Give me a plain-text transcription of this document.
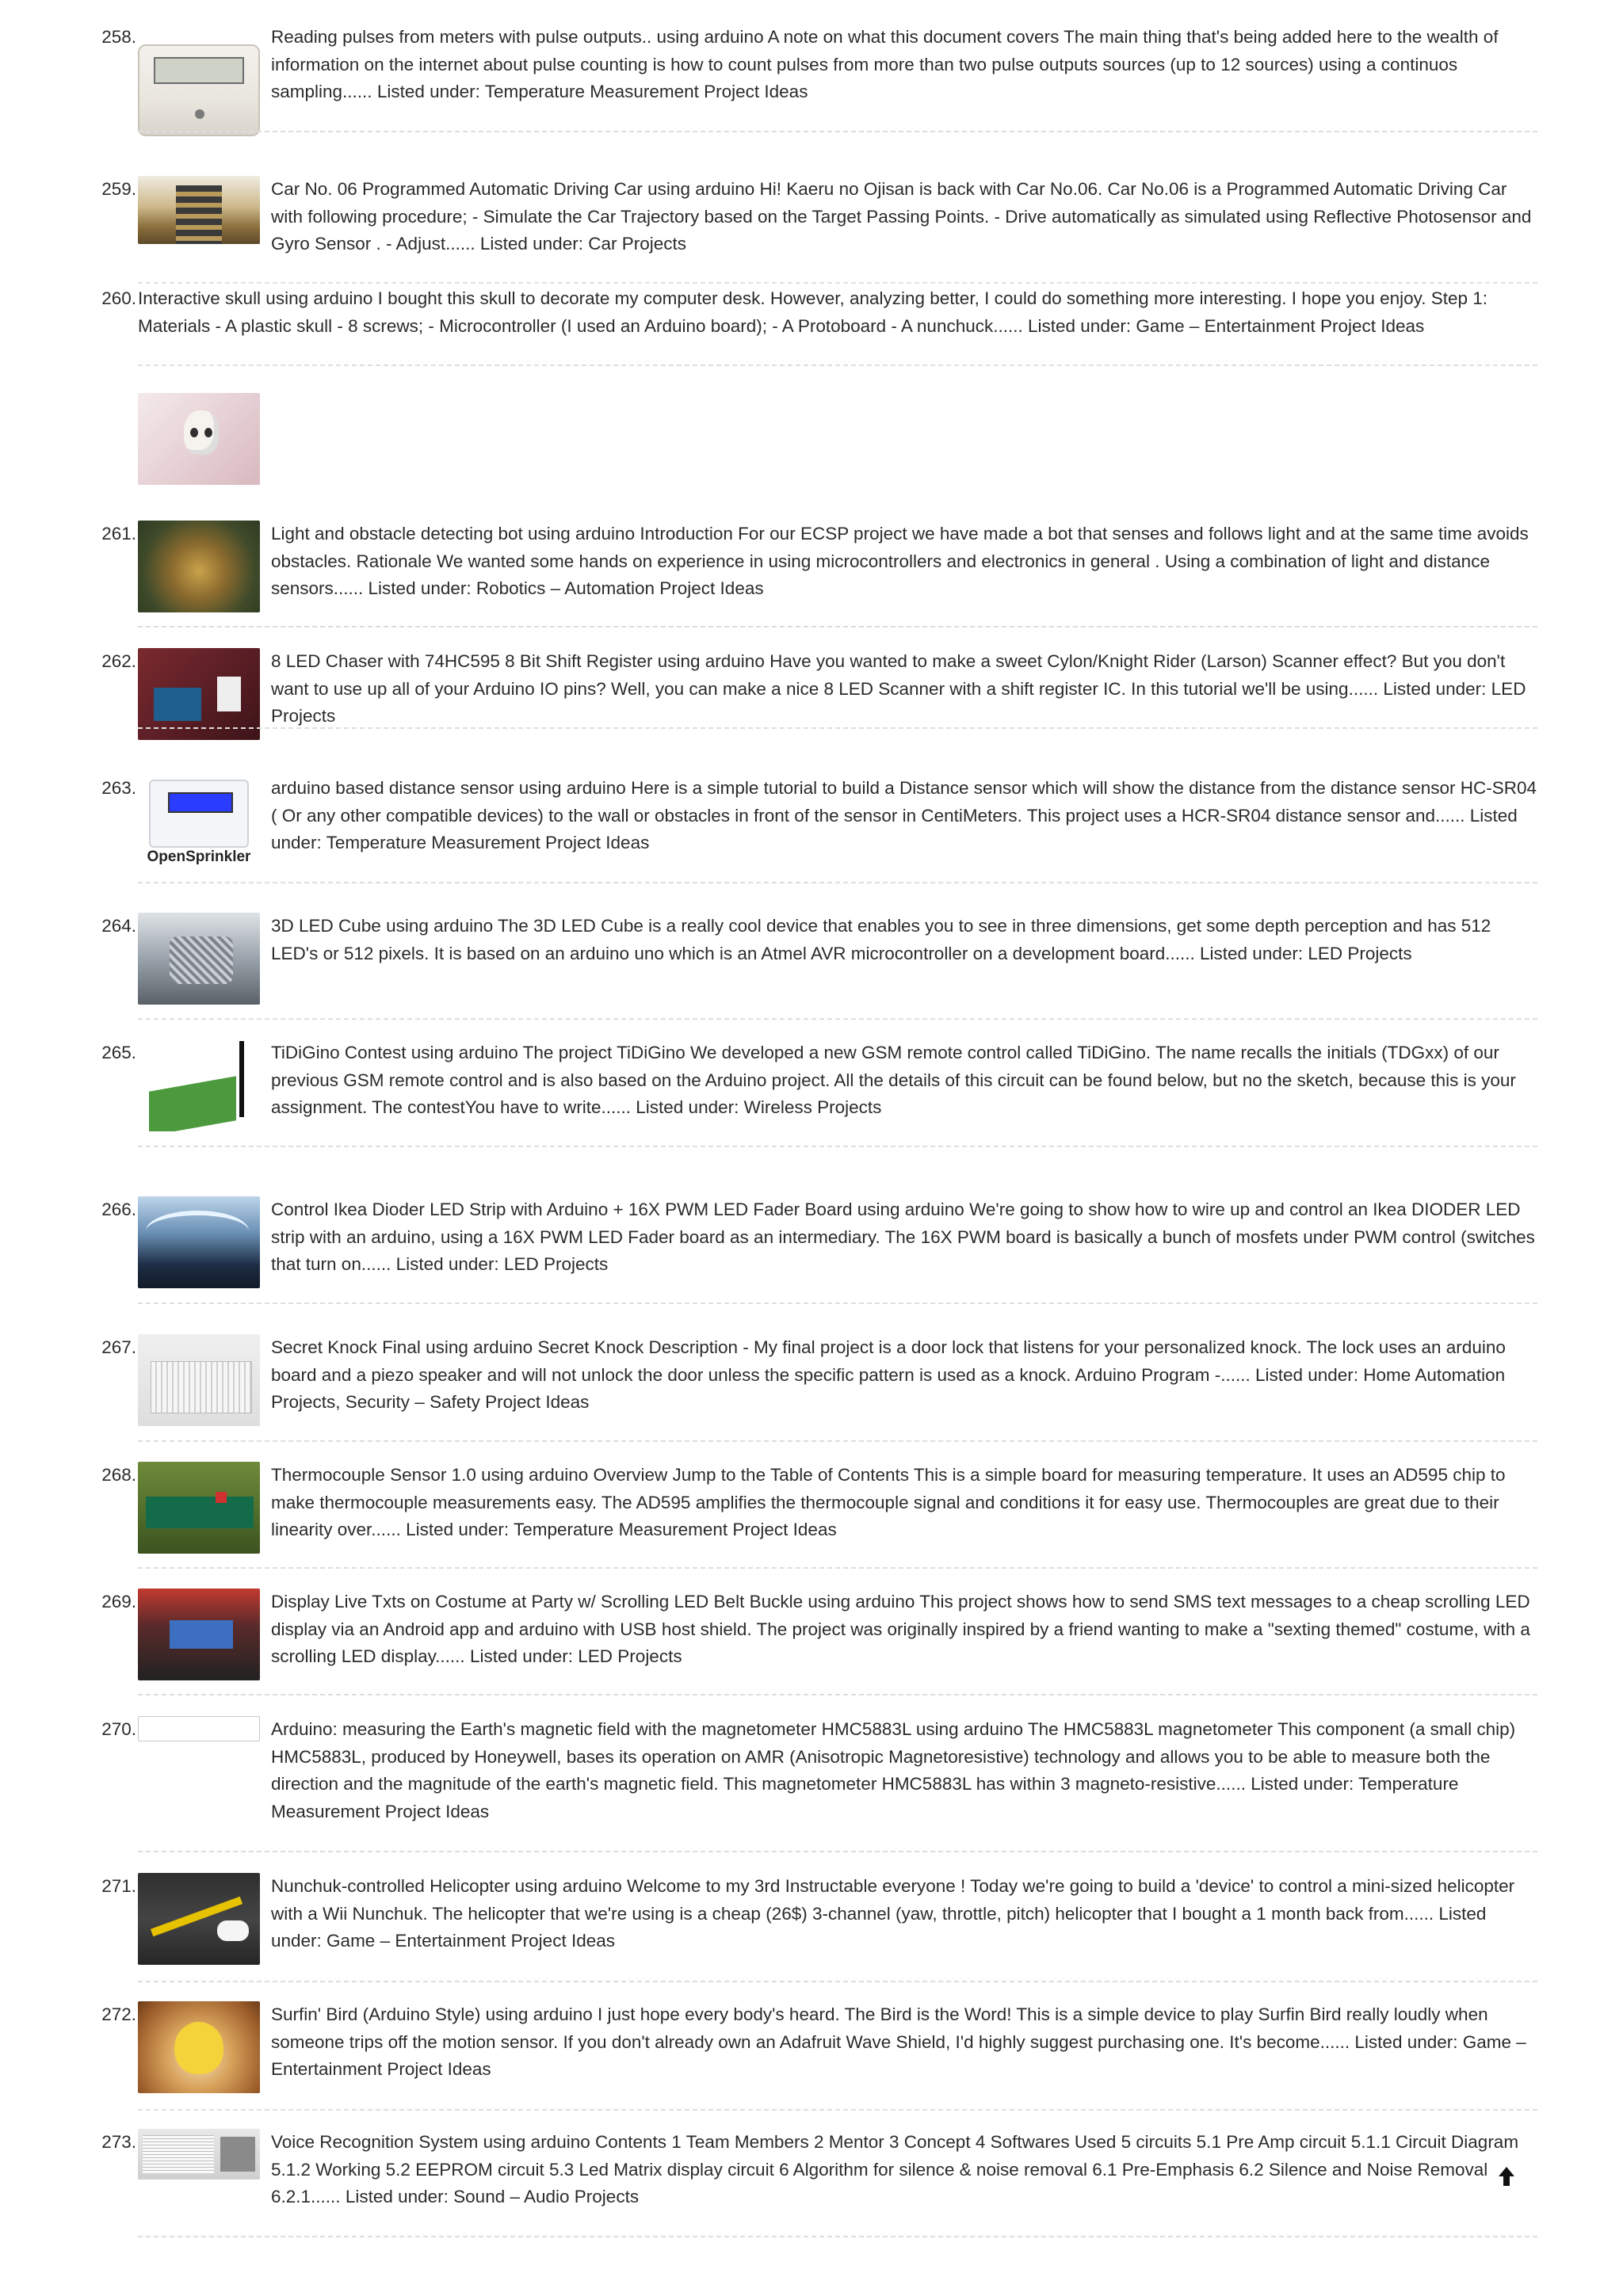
258.	Reading pulses from meters with pulse outputs.. using arduino A note on what this document covers The main thing that's being added here to the wealth of information on the internet about pulse counting is how to count pulses from more than two pulse outputs sources (up to 12 sources) using a continuos sampling...... Listed under: Temperature Measurement Project Ideas
259.	Car No. 06 Programmed Automatic Driving Car using arduino Hi! Kaeru no Ojisan is back with Car No.06. Car No.06 is a Programmed Automatic Driving Car with following procedure; - Simulate the Car Trajectory based on the Target Passing Points. - Drive automatically as simulated using Reflective Photosensor and Gyro Sensor . - Adjust...... Listed under: Car Projects
260. Interactive skull using arduino I bought this skull to decorate my computer desk. However, analyzing better, I could do something more interesting. I hope you enjoy. Step 1: Materials - A plastic skull - 8 screws; - Microcontroller (I used an Arduino board); - A Protoboard - A nunchuck...... Listed under: Game – Entertainment Project Ideas
261.	Light and obstacle detecting bot using arduino Introduction For our ECSP project we have made a bot that senses and follows light and at the same time avoids obstacles. Rationale We wanted some hands on experience in using microcontrollers and electronics in general . Using a combination of light and distance sensors...... Listed under: Robotics – Automation Project Ideas
262.	8 LED Chaser with 74HC595 8 Bit Shift Register using arduino Have you wanted to make a sweet Cylon/Knight Rider (Larson) Scanner effect? But you don't want to use up all of your Arduino IO pins? Well, you can make a nice 8 LED Scanner with a shift register IC. In this tutorial we'll be using...... Listed under: LED Projects
263.	arduino based distance sensor using arduino Here is a simple tutorial to build a Distance sensor which will show the distance from the distance sensor HC-SR04 ( Or any other compatible devices) to the wall or obstacles in front of the sensor in CentiMeters. This project uses a HCR-SR04 distance sensor and...... Listed under: Temperature Measurement Project Ideas
OpenSprinkler
264.	3D LED Cube using arduino The 3D LED Cube is a really cool device that enables you to see in three dimensions, get some depth perception and has 512 LED's or 512 pixels. It is based on an arduino uno which is an Atmel AVR microcontroller on a development board...... Listed under: LED Projects
265.	TiDiGino Contest using arduino The project TiDiGino We developed a new GSM remote control called TiDiGino. The name recalls the initials (TDGxx) of our previous GSM remote control and is also based on the Arduino project. All the details of this circuit can be found below, but no the sketch, because this is your assignment. The contestYou have to write...... Listed under: Wireless Projects
266.	Control Ikea Dioder LED Strip with Arduino + 16X PWM LED Fader Board using arduino We're going to show how to wire up and control an Ikea DIODER LED strip with an arduino, using a 16X PWM LED Fader board as an intermediary. The 16X PWM board is basically a bunch of mosfets under PWM control (switches that turn on...... Listed under: LED Projects
267.	Secret Knock Final using arduino Secret Knock Description - My final project is a door lock that listens for your personalized knock. The lock uses an arduino board and a piezo speaker and will not unlock the door unless the specific pattern is used as a knock. Arduino Program -...... Listed under: Home Automation Projects, Security – Safety Project Ideas
268.	Thermocouple Sensor 1.0 using arduino Overview Jump to the Table of Contents This is a simple board for measuring temperature. It uses an AD595 chip to make thermocouple measurements easy. The AD595 amplifies the thermocouple signal and conditions it for easy use. Thermocouples are great due to their linearity over...... Listed under: Temperature Measurement Project Ideas
269.	Display Live Txts on Costume at Party w/ Scrolling LED Belt Buckle using arduino This project shows how to send SMS text messages to a cheap scrolling LED display via an Android app and arduino with USB host shield. The project was originally inspired by a friend wanting to make a "sexting themed" costume, with a scrolling LED display...... Listed under: LED Projects
270.	Arduino: measuring the Earth's magnetic field with the magnetometer HMC5883L using arduino The HMC5883L magnetometer This component (a small chip) HMC5883L, produced by Honeywell, bases its operation on AMR (Anisotropic Magnetoresistive) technology and allows you to be able to measure both the direction and the magnitude of the earth's magnetic field. This magnetometer HMC5883L has within 3 magneto-resistive...... Listed under: Temperature Measurement Project Ideas
271.	Nunchuk-controlled Helicopter using arduino Welcome to my 3rd Instructable everyone ! Today we're going to build a 'device' to control a mini-sized helicopter with a Wii Nunchuk. The helicopter that we're using is a cheap (26$) 3-channel (yaw, throttle, pitch) helicopter that I bought a 1 month back from...... Listed under: Game – Entertainment Project Ideas
272.	Surfin' Bird (Arduino Style) using arduino I just hope every body's heard. The Bird is the Word! This is a simple device to play Surfin Bird really loudly when someone trips off the motion sensor. If you don't already own an Adafruit Wave Shield, I'd highly suggest purchasing one. It's become...... Listed under: Game – Entertainment Project Ideas
273.	Voice Recognition System using arduino Contents 1 Team Members 2 Mentor 3 Concept 4 Softwares Used 5 circuits 5.1 Pre Amp circuit 5.1.1 Circuit Diagram 5.1.2 Working 5.2 EEPROM circuit 5.3 Led Matrix display circuit 6 Algorithm for silence & noise removal 6.1 Pre-Emphasis 6.2 Silence and Noise Removal 6.2.1...... Listed under: Sound – Audio Projects
